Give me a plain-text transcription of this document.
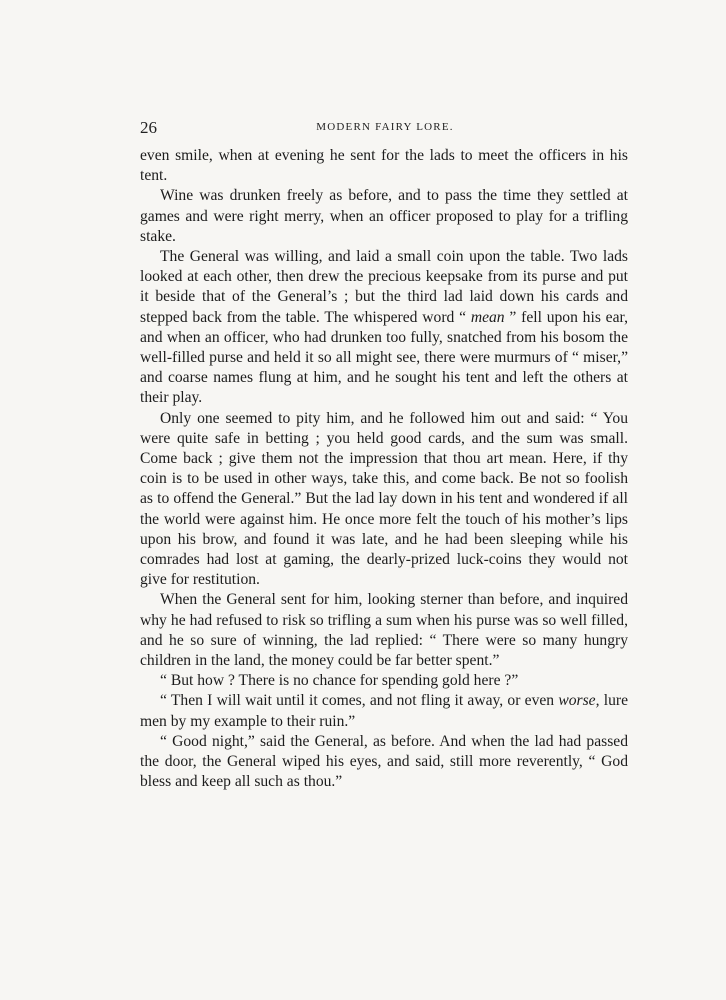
26	MODERN FAIRY LORE.

even smile, when at evening he sent for the lads to meet the officers in his tent.

Wine was drunken freely as before, and to pass the time they settled at games and were right merry, when an officer proposed to play for a trifling stake.

The General was willing, and laid a small coin upon the table. Two lads looked at each other, then drew the precious keepsake from its purse and put it beside that of the General’s ; but the third lad laid down his cards and stepped back from the table. The whispered word “ mean ” fell upon his ear, and when an officer, who had drunken too fully, snatched from his bosom the well-filled purse and held it so all might see, there were murmurs of “ miser,” and coarse names flung at him, and he sought his tent and left the others at their play.

Only one seemed to pity him, and he followed him out and said: “ You were quite safe in betting ; you held good cards, and the sum was small. Come back ; give them not the impression that thou art mean. Here, if thy coin is to be used in other ways, take this, and come back. Be not so foolish as to offend the General.” But the lad lay down in his tent and wondered if all the world were against him. He once more felt the touch of his mother’s lips upon his brow, and found it was late, and he had been sleeping while his comrades had lost at gaming, the dearly-prized luck-coins they would not give for restitution.

When the General sent for him, looking sterner than before, and inquired why he had refused to risk so trifling a sum when his purse was so well filled, and he so sure of winning, the lad replied: “ There were so many hungry children in the land, the money could be far better spent.”

“ But how ? There is no chance for spending gold here ?”

“ Then I will wait until it comes, and not fling it away, or even worse, lure men by my example to their ruin.”

“ Good night,” said the General, as before. And when the lad had passed the door, the General wiped his eyes, and said, still more reverently, “ God bless and keep all such as thou.”
